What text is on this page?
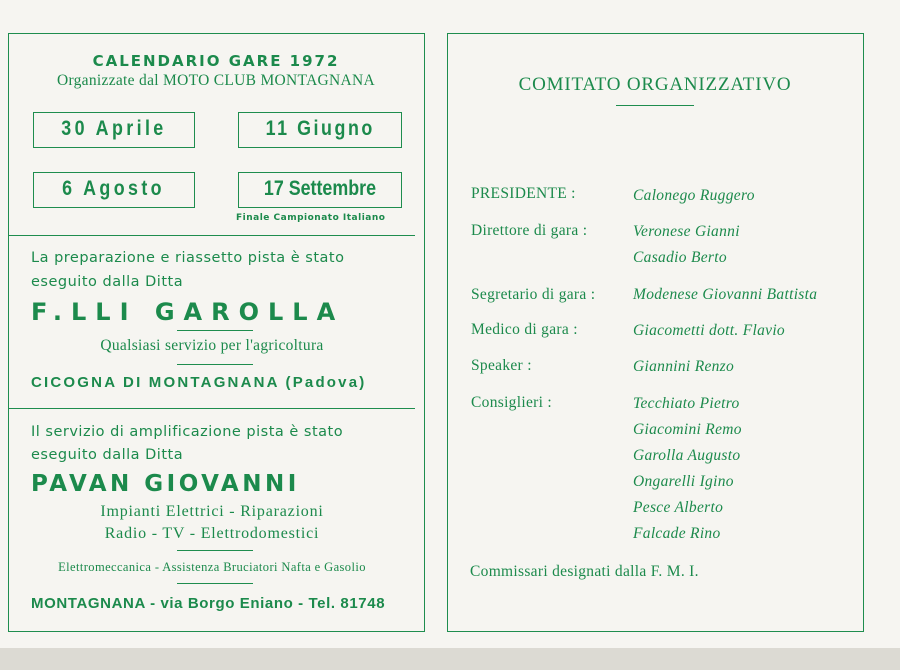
CALENDARIO GARE 1972
Organizzate dal MOTO CLUB MONTAGNANA
30 Aprile	11 Giugno
6 Agosto	17 Settembre
Finale Campionato Italiano
La preparazione e riassetto pista è stato
eseguito dalla Ditta
F.LLI GAROLLA
Qualsiasi servizio per l'agricoltura
CICOGNA DI MONTAGNANA (Padova)
Il servizio di amplificazione pista è stato
eseguito dalla Ditta
PAVAN GIOVANNI
Impianti Elettrici - Riparazioni
Radio - TV - Elettrodomestici
Elettromeccanica - Assistenza Bruciatori Nafta e Gasolio
MONTAGNANA - via Borgo Eniano - Tel. 81748
COMITATO ORGANIZZATIVO
PRESIDENTE :	Calonego Ruggero
Direttore di gara :	Veronese Gianni
Casadio Berto
Segretario di gara : Modenese Giovanni Battista
Medico di gara :	Giacometti dott. Flavio
Speaker :	Giannini Renzo
Consiglieri :	Tecchiato Pietro
Giacomini Remo
Garolla Augusto
Ongarelli Igino
Pesce Alberto
Falcade Rino
Commissari designati dalla F. M. I.
